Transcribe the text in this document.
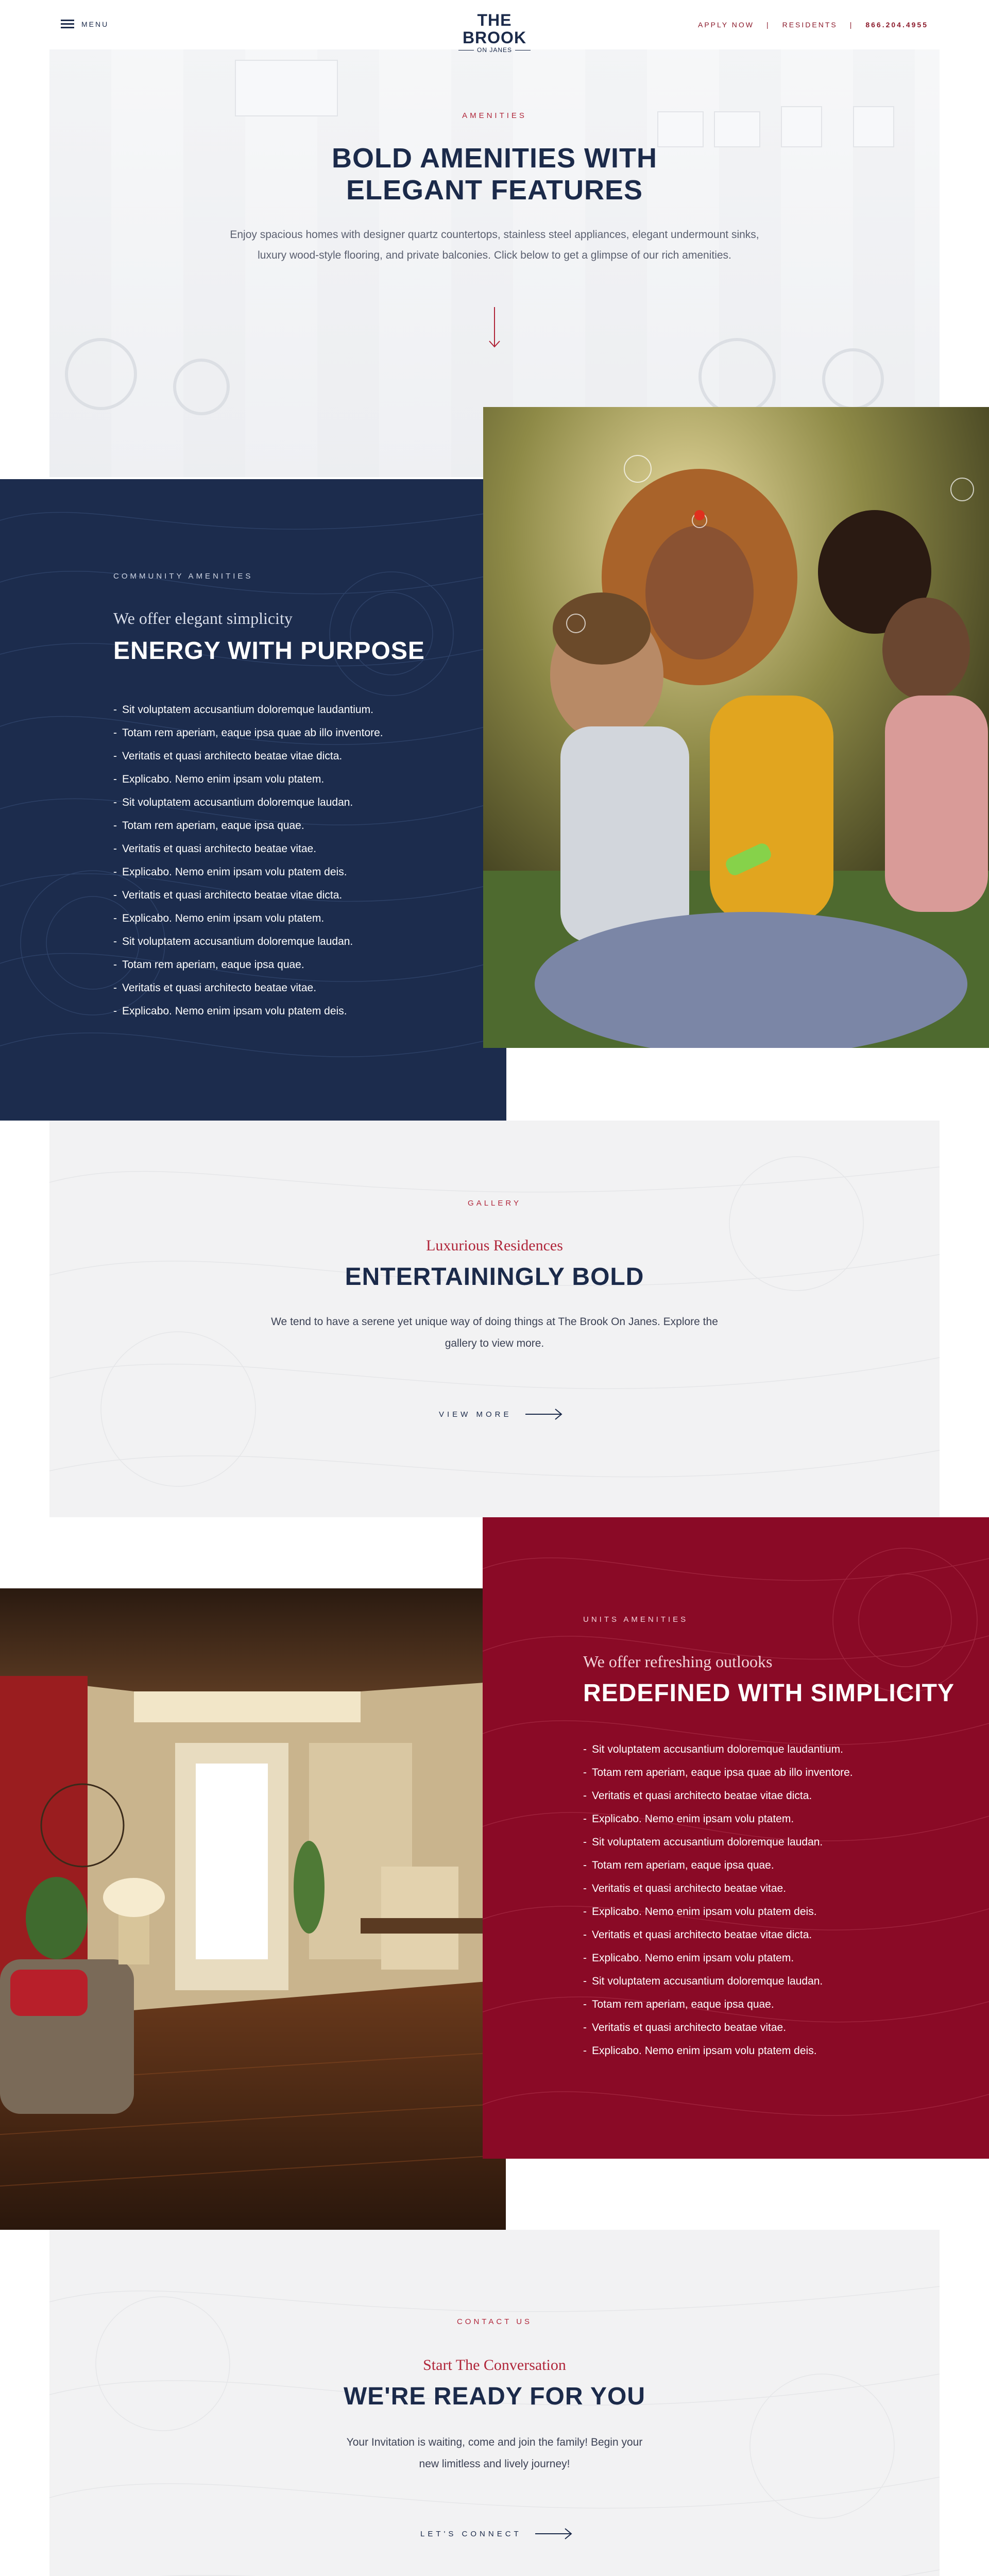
MENU	THE BROOK
ON JANES
APPLY NOW | RESIDENTS | 866.204.4955
AMENITIES
BOLD AMENITIES WITH
ELEGANT FEATURES

Enjoy spacious homes with designer quartz countertops, stainless steel appliances, elegant undermount sinks,
luxury wood-style flooring, and private balconies. Click below to get a glimpse of our rich amenities.

COMMUNITY AMENITIES
We offer elegant simplicity
ENERGY WITH PURPOSE
- Sit voluptatem accusantium doloremque laudantium.
- Totam rem aperiam, eaque ipsa quae ab illo inventore.
- Veritatis et quasi architecto beatae vitae dicta.
- Explicabo. Nemo enim ipsam volu ptatem.
- Sit voluptatem accusantium doloremque laudan.
- Totam rem aperiam, eaque ipsa quae.
- Veritatis et quasi architecto beatae vitae.
- Explicabo. Nemo enim ipsam volu ptatem deis.
- Veritatis et quasi architecto beatae vitae dicta.
- Explicabo. Nemo enim ipsam volu ptatem.
- Sit voluptatem accusantium doloremque laudan.
- Totam rem aperiam, eaque ipsa quae.
- Veritatis et quasi architecto beatae vitae.
- Explicabo. Nemo enim ipsam volu ptatem deis.
GALLERY
Luxurious Residences
ENTERTAININGLY BOLD
We tend to have a serene yet unique way of doing things at The Brook On Janes. Explore the
gallery to view more.
VIEW MORE
UNITS AMENITIES
We offer refreshing outlooks
REDEFINED WITH SIMPLICITY
- Sit voluptatem accusantium doloremque laudantium.
- Totam rem aperiam, eaque ipsa quae ab illo inventore.
- Veritatis et quasi architecto beatae vitae dicta.
- Explicabo. Nemo enim ipsam volu ptatem.
- Sit voluptatem accusantium doloremque laudan.
- Totam rem aperiam, eaque ipsa quae.
- Veritatis et quasi architecto beatae vitae.
- Explicabo. Nemo enim ipsam volu ptatem deis.
- Veritatis et quasi architecto beatae vitae dicta.
- Explicabo. Nemo enim ipsam volu ptatem.
- Sit voluptatem accusantium doloremque laudan.
- Totam rem aperiam, eaque ipsa quae.
- Veritatis et quasi architecto beatae vitae.
- Explicabo. Nemo enim ipsam volu ptatem deis.
CONTACT US
Start The Conversation
WE'RE READY FOR YOU
Your Invitation is waiting, come and join the family! Begin your
new limitless and lively journey!
LET'S CONNECT
